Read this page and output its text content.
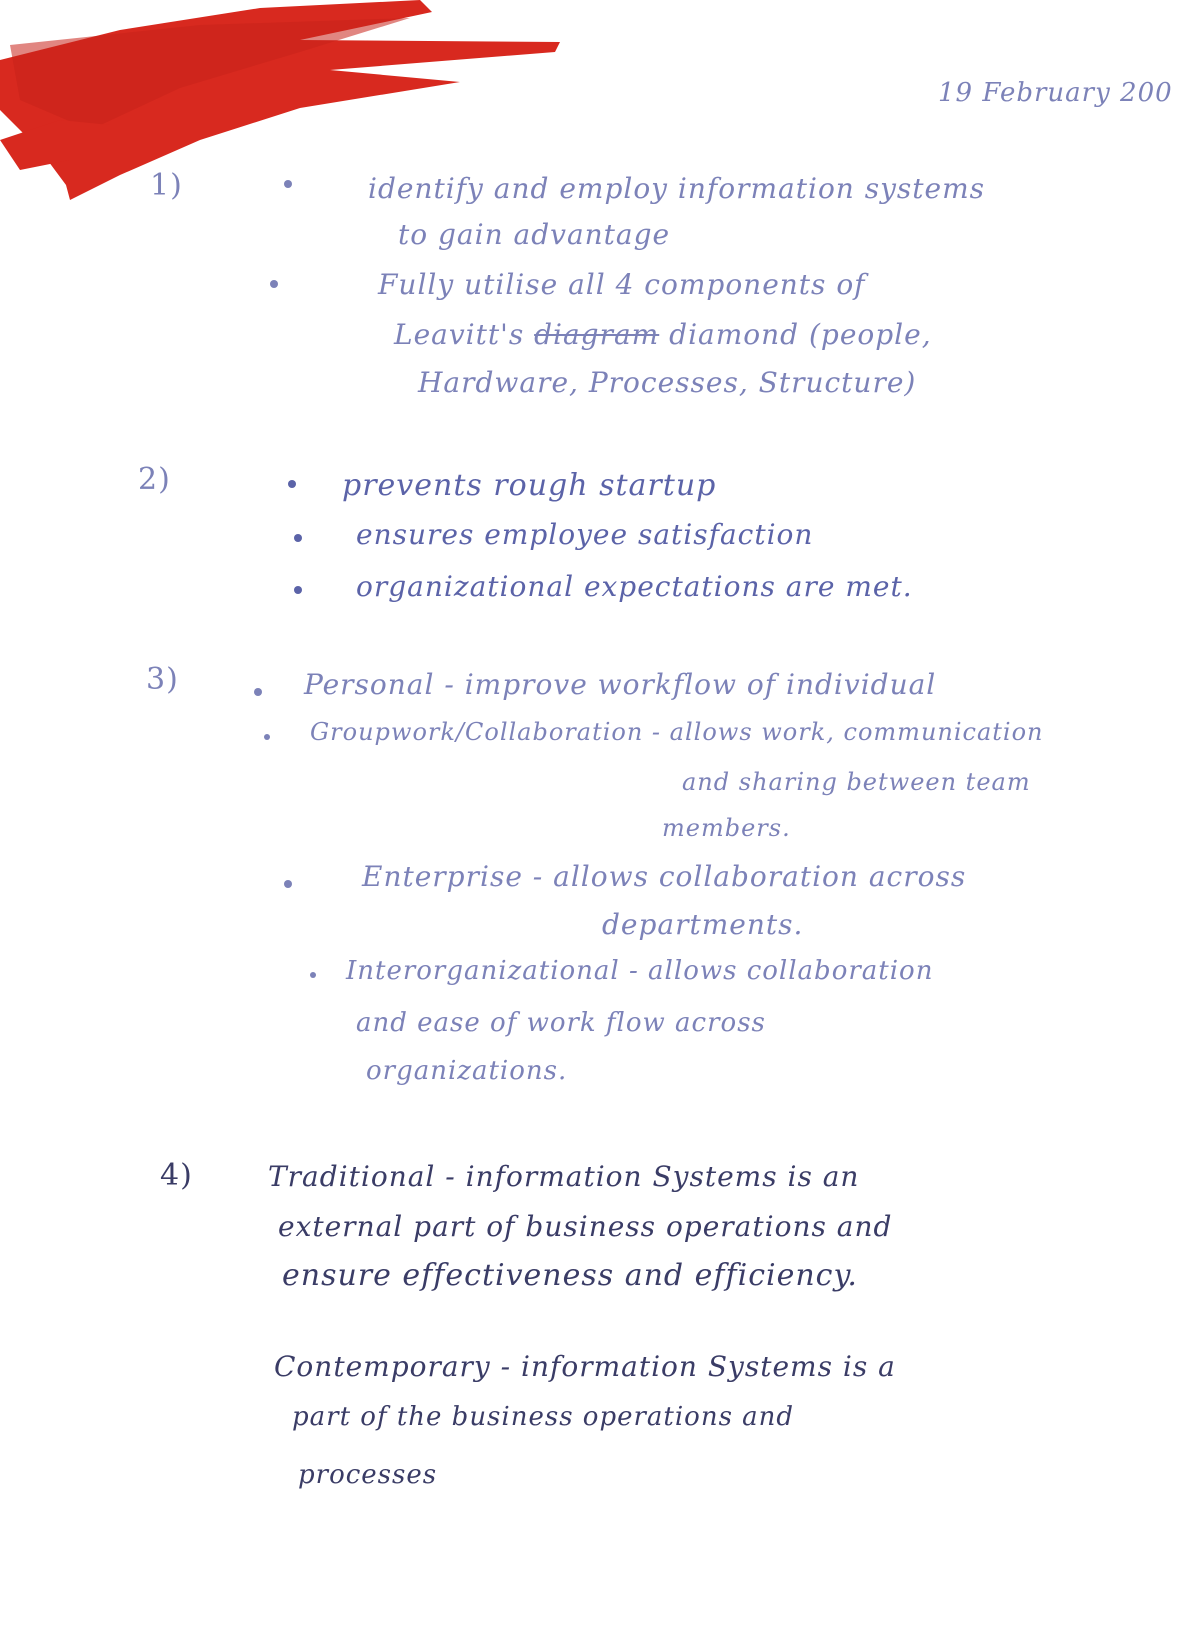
19 February 200
1)	identify and employ information systems
to gain advantage
Fully utilise all 4 components of
Leavitt's diagram diamond (people,
Hardware, Processes, Structure)
2)	prevents rough startup
ensures employee satisfaction
organizational expectations are met.
3)	Personal - improve workflow of individual
Groupwork/Collaboration - allows work, communication
and sharing between team
members.
Enterprise - allows collaboration across
departments.
Interorganizational - allows collaboration
and ease of work flow across
organizations.
4)	Traditional - information Systems is an
external part of business operations and
ensure effectiveness and efficiency.
Contemporary - information Systems is a
part of the business operations and
processes
